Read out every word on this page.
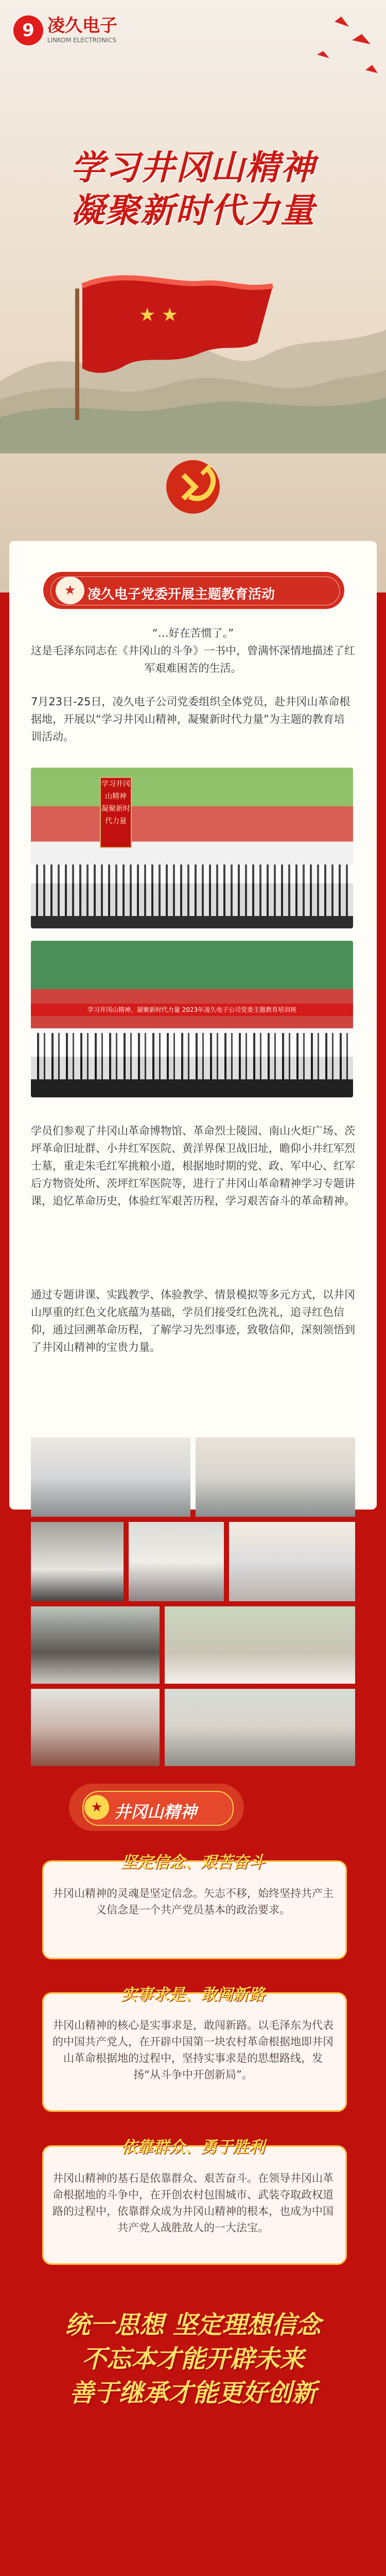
9 凌久电子
LINKOM ELECTRONICS
学习井冈山精神
凝聚新时代力量
★ ★
★ 凌久电子党委开展主题教育活动
“…好在苦惯了。”
这是毛泽东同志在《井冈山的斗争》一书中，曾满怀深情地描述了红军艰难困苦的生活。
7月23日-25日，凌久电子公司党委组织全体党员，赴井冈山革命根据地，开展以“学习井冈山精神，凝聚新时代力量”为主题的教育培训活动。
学习井冈山精神 凝聚新时代力量
学习井冈山精神，凝聚新时代力量 2023年凌久电子公司党委主题教育培训班
学员们参观了井冈山革命博物馆、革命烈士陵园、南山火炬广场、茨坪革命旧址群、小井红军医院、黄洋界保卫战旧址，瞻仰小井红军烈士墓，重走朱毛红军挑粮小道，根据地时期的党、政、军中心、红军后方物资处所、茨坪红军医院等，进行了井冈山革命精神学习专题讲课，追忆革命历史，体验红军艰苦历程，学习艰苦奋斗的革命精神。
通过专题讲课、实践教学、体验教学、情景模拟等多元方式，以井冈山厚重的红色文化底蕴为基础，学员们接受红色洗礼，追寻红色信仰，通过回溯革命历程，了解学习先烈事迹，致敬信仰，深刻领悟到了井冈山精神的宝贵力量。
★ 井冈山精神
坚定信念、艰苦奋斗
井冈山精神的灵魂是坚定信念。矢志不移，始终坚持共产主义信念是一个共产党员基本的政治要求。
实事求是、敢闯新路
井冈山精神的核心是实事求是，敢闯新路。以毛泽东为代表的中国共产党人，在开辟中国第一块农村革命根据地即井冈山革命根据地的过程中，坚持实事求是的思想路线，发扬“从斗争中开创新局”。
依靠群众、勇于胜利
井冈山精神的基石是依靠群众、艰苦奋斗。在领导井冈山革命根据地的斗争中，在开创农村包围城市、武装夺取政权道路的过程中，依靠群众成为井冈山精神的根本，也成为中国共产党人战胜敌人的一大法宝。
统一思想 坚定理想信念
不忘本才能开辟未来
善于继承才能更好创新
